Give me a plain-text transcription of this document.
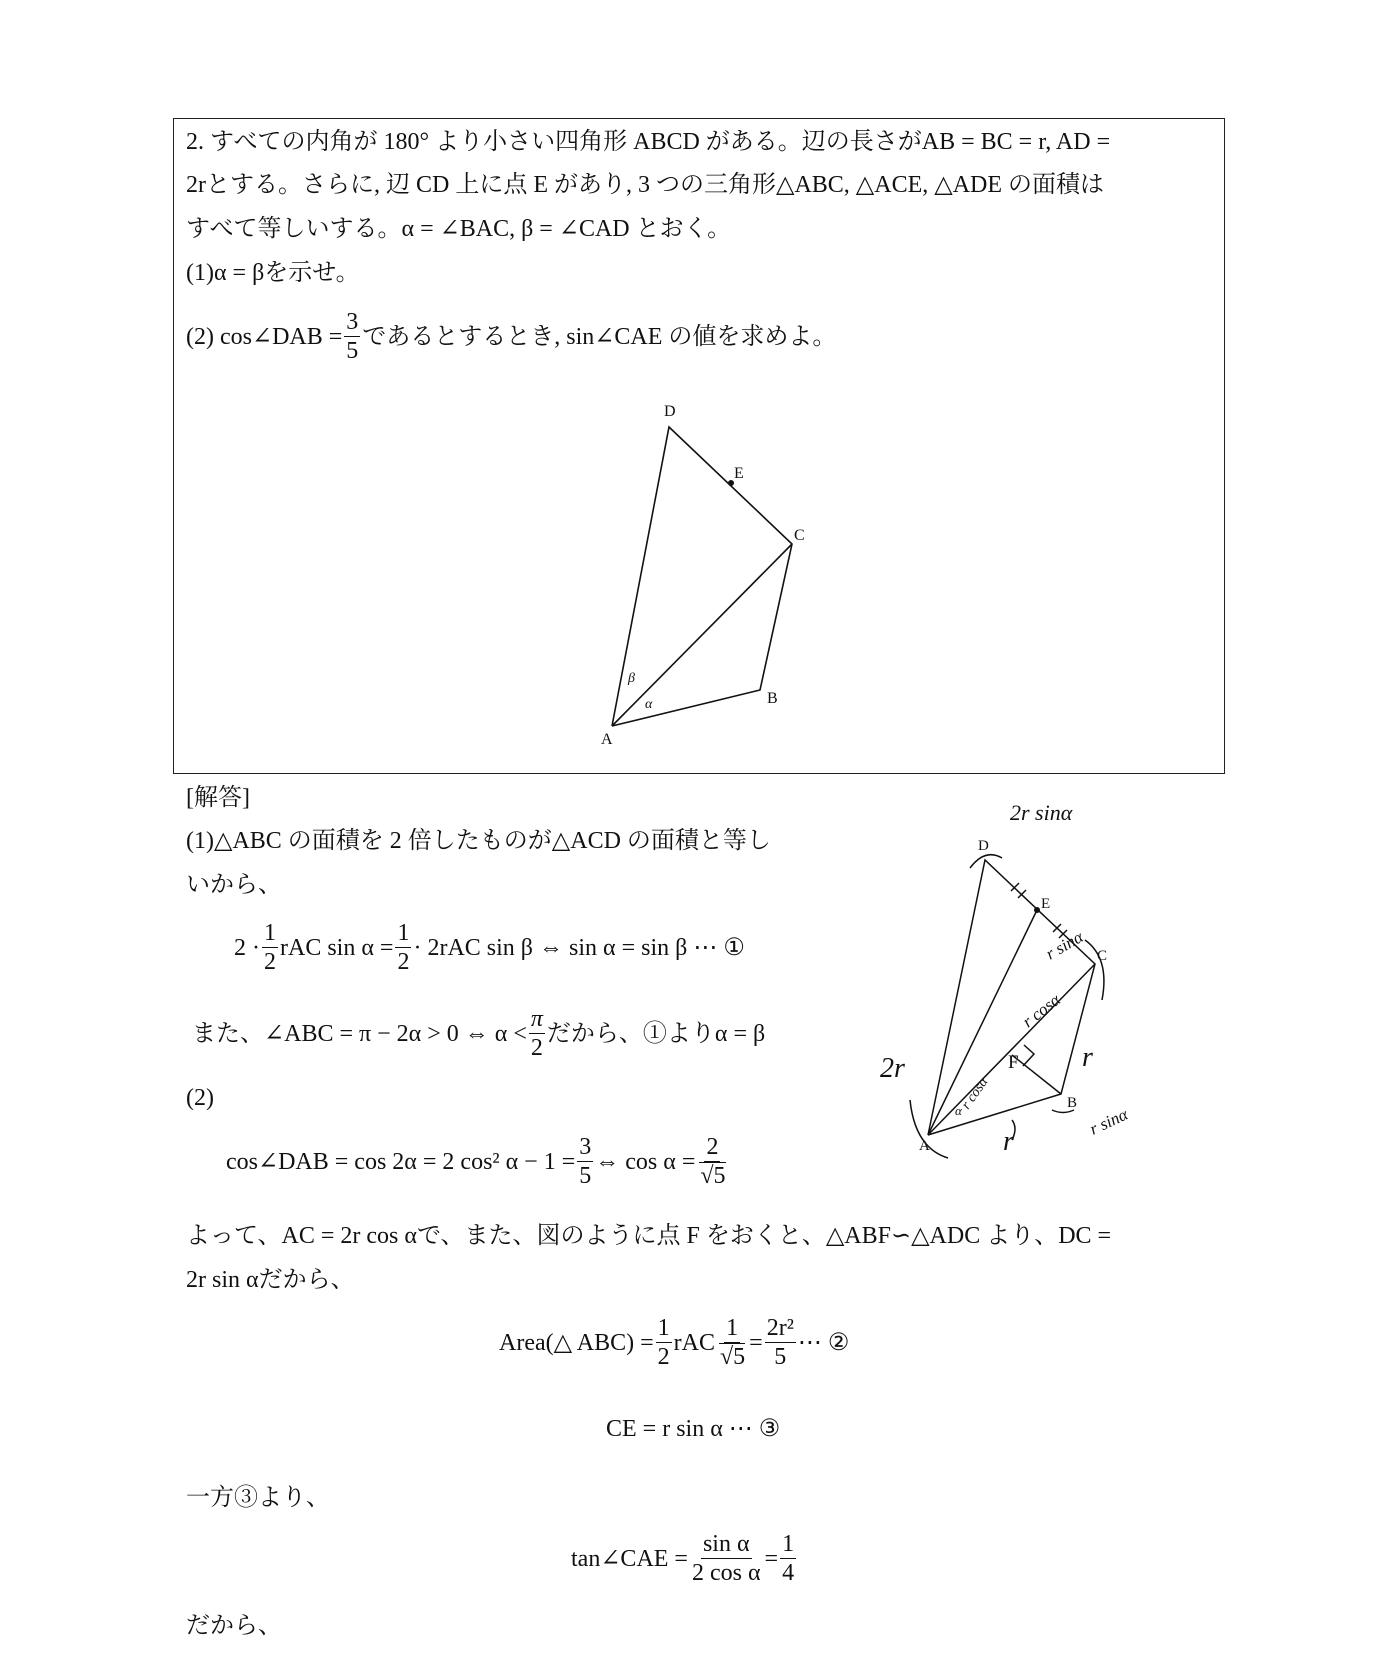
2. すべての内角が 180° より小さい四角形 ABCD がある。辺の長さがAB = BC = r, AD =
2rとする。さらに, 辺 CD 上に点 E があり, 3 つの三角形△ABC, △ACE, △ADE の面積は
すべて等しいする。α = ∠BAC, β = ∠CAD とおく。
(1)α = βを示せ。
(2) cos∠DAB = $\frac{3}{5}$ であるとするとき, sin∠CAE の値を求めよ。
D
E
C
B
A
β
α
[解答]
(1)△ABC の面積を 2 倍したものが△ACD の面積と等し
いから、
$2 \cdot \frac{1}{2}$ rAC $\sin \alpha = \frac{1}{2} \cdot 2rAC$ sin β ⇔ sin α = sin β ⋯ ①
また、∠ABC = π − 2α > 0 ⇔ $\alpha < \frac{\pi}{2}$ だから、①よりα = β
(2)
cos∠DAB = cos 2α = 2 cos² $\alpha - 1 = \frac{3}{5}$ ⇔ $\cos \alpha = \frac{2}{√5}$
よって、AC = 2r cos αで、また、図のように点 F をおくと、△ABF∽△ADC より、DC =
2r sin αだから、
Area(△ $ABC) = \frac{1}{2}$ rAC $\frac{1}{√5} = \frac{\text{2r²}}{5}$ ⋯ ②
CE = r sin α ⋯ ③
一方③より、
tan∠CAE = $\frac{\text{sin α}}{\text{2 cos α}} = \frac{1}{4}$
だから、
D
E
C
B
A
α
2r sinα
r sinα
r cosα
r cosα
F
2r	r
r
r sinα
